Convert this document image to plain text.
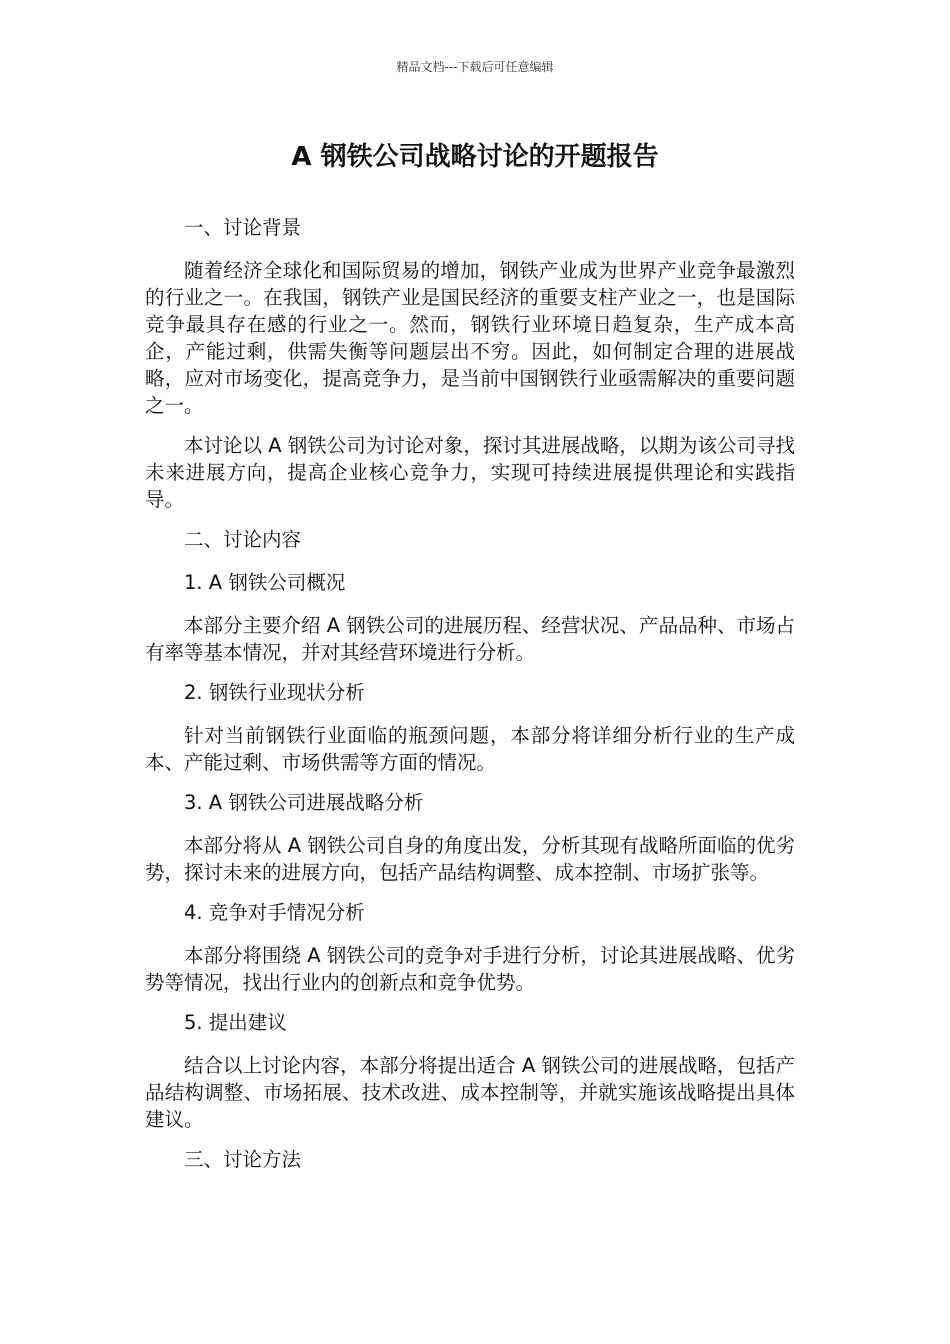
精品文档---下载后可任意编辑
A 钢铁公司战略讨论的开题报告

一、讨论背景

随着经济全球化和国际贸易的增加，钢铁产业成为世界产业竞争最激烈的行业之一。在我国，钢铁产业是国民经济的重要支柱产业之一，也是国际竞争最具存在感的行业之一。然而，钢铁行业环境日趋复杂，生产成本高企，产能过剩，供需失衡等问题层出不穷。因此，如何制定合理的进展战略，应对市场变化，提高竞争力，是当前中国钢铁行业亟需解决的重要问题之一。

本讨论以 A 钢铁公司为讨论对象，探讨其进展战略，以期为该公司寻找未来进展方向，提高企业核心竞争力，实现可持续进展提供理论和实践指导。

二、讨论内容

1. A 钢铁公司概况

本部分主要介绍 A 钢铁公司的进展历程、经营状况、产品品种、市场占有率等基本情况，并对其经营环境进行分析。

2. 钢铁行业现状分析

针对当前钢铁行业面临的瓶颈问题，本部分将详细分析行业的生产成本、产能过剩、市场供需等方面的情况。

3. A 钢铁公司进展战略分析

本部分将从 A 钢铁公司自身的角度出发，分析其现有战略所面临的优劣势，探讨未来的进展方向，包括产品结构调整、成本控制、市场扩张等。

4. 竞争对手情况分析

本部分将围绕 A 钢铁公司的竞争对手进行分析，讨论其进展战略、优劣势等情况，找出行业内的创新点和竞争优势。

5. 提出建议

结合以上讨论内容，本部分将提出适合 A 钢铁公司的进展战略，包括产品结构调整、市场拓展、技术改进、成本控制等，并就实施该战略提出具体建议。

三、讨论方法
